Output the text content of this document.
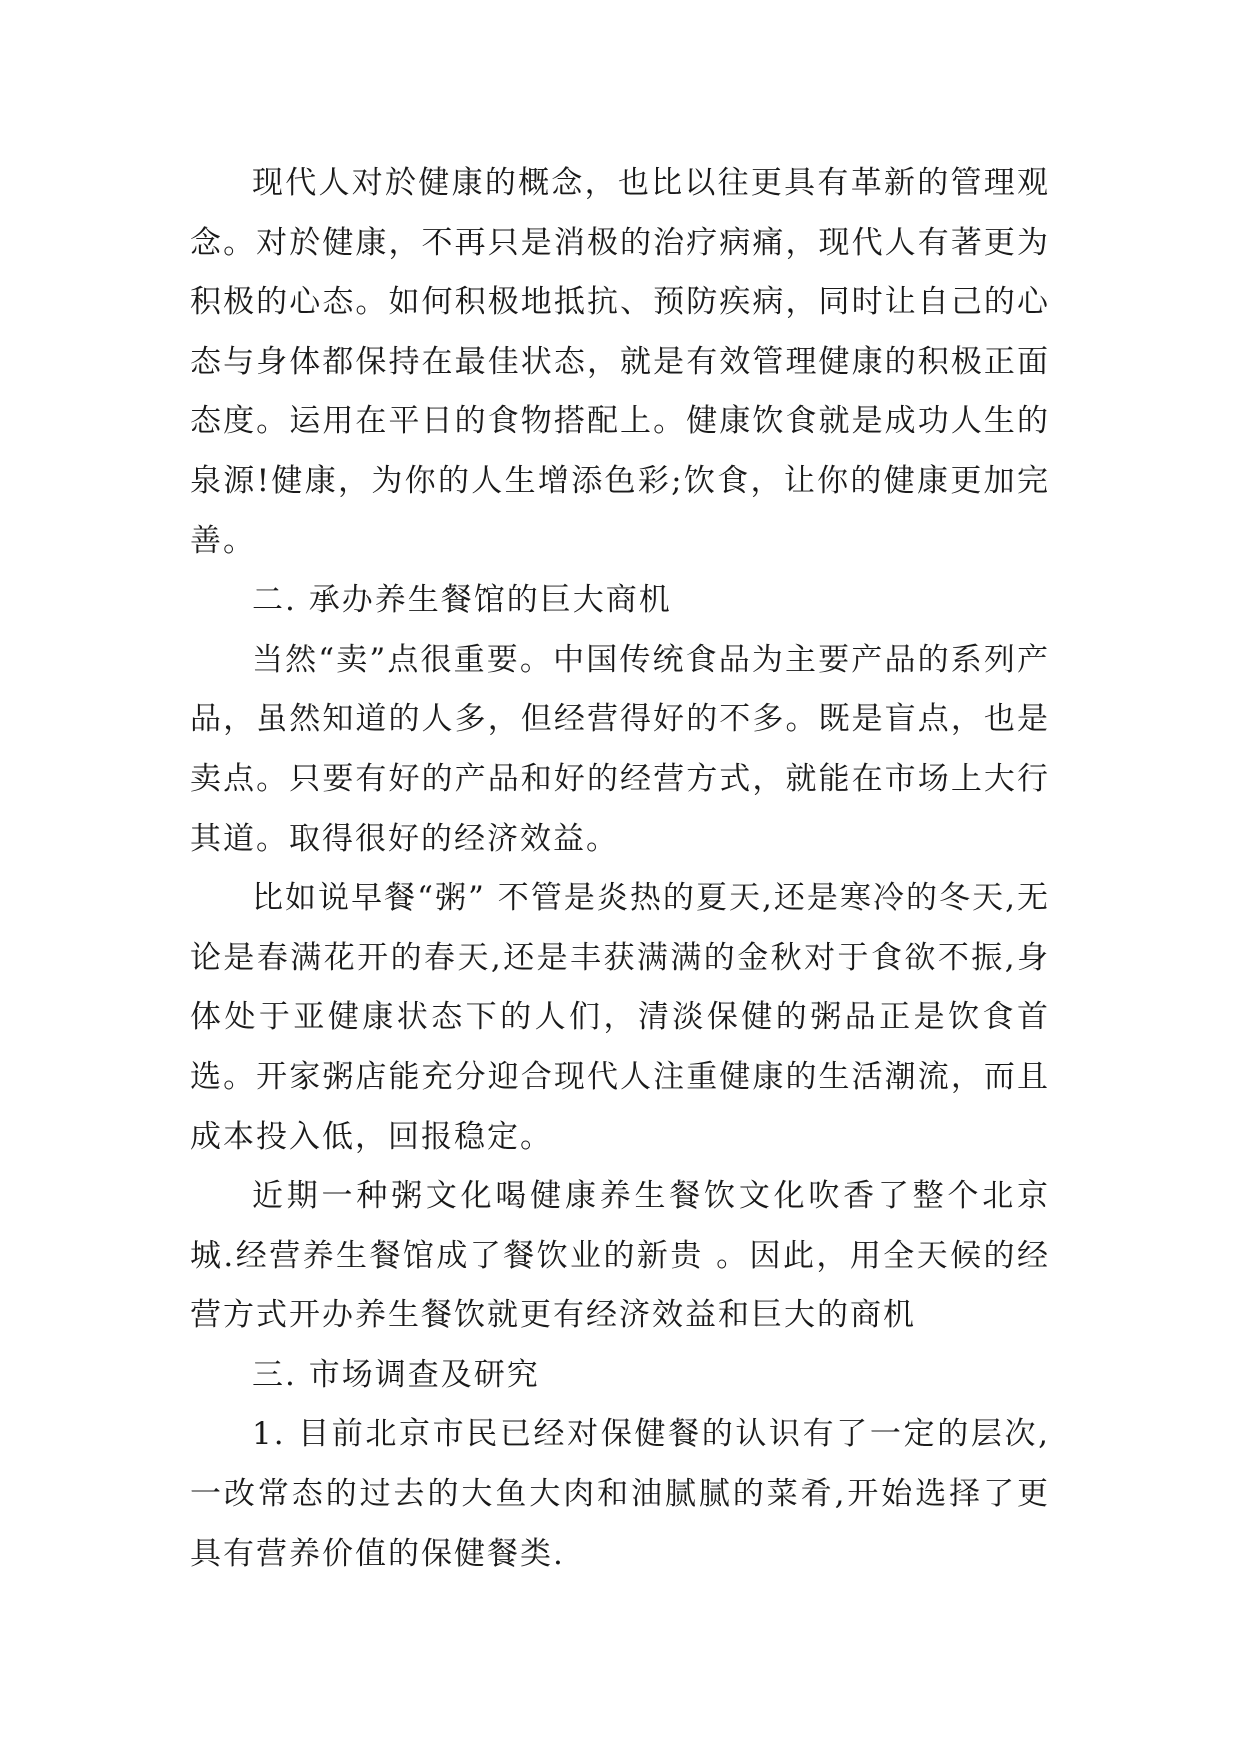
现代人对於健康的概念，也比以往更具有革新的管理观念。对於健康，不再只是消极的治疗病痛，现代人有著更为积极的心态。如何积极地抵抗、预防疾病，同时让自己的心态与身体都保持在最佳状态，就是有效管理健康的积极正面态度。运用在平日的食物搭配上。健康饮食就是成功人生的泉源!健康，为你的人生增添色彩;饮食，让你的健康更加完善。

二. 承办养生餐馆的巨大商机

当然“卖”点很重要。中国传统食品为主要产品的系列产品，虽然知道的人多，但经营得好的不多。既是盲点，也是卖点。只要有好的产品和好的经营方式，就能在市场上大行其道。取得很好的经济效益。

比如说早餐“粥” 不管是炎热的夏天,还是寒冷的冬天,无论是春满花开的春天,还是丰获满满的金秋对于食欲不振,身体处于亚健康状态下的人们，清淡保健的粥品正是饮食首选。开家粥店能充分迎合现代人注重健康的生活潮流，而且成本投入低，回报稳定。

近期一种粥文化喝健康养生餐饮文化吹香了整个北京城.经营养生餐馆成了餐饮业的新贵 。因此，用全天候的经营方式开办养生餐饮就更有经济效益和巨大的商机

三. 市场调查及研究

1. 目前北京市民已经对保健餐的认识有了一定的层次,一改常态的过去的大鱼大肉和油腻腻的菜肴,开始选择了更具有营养价值的保健餐类.
